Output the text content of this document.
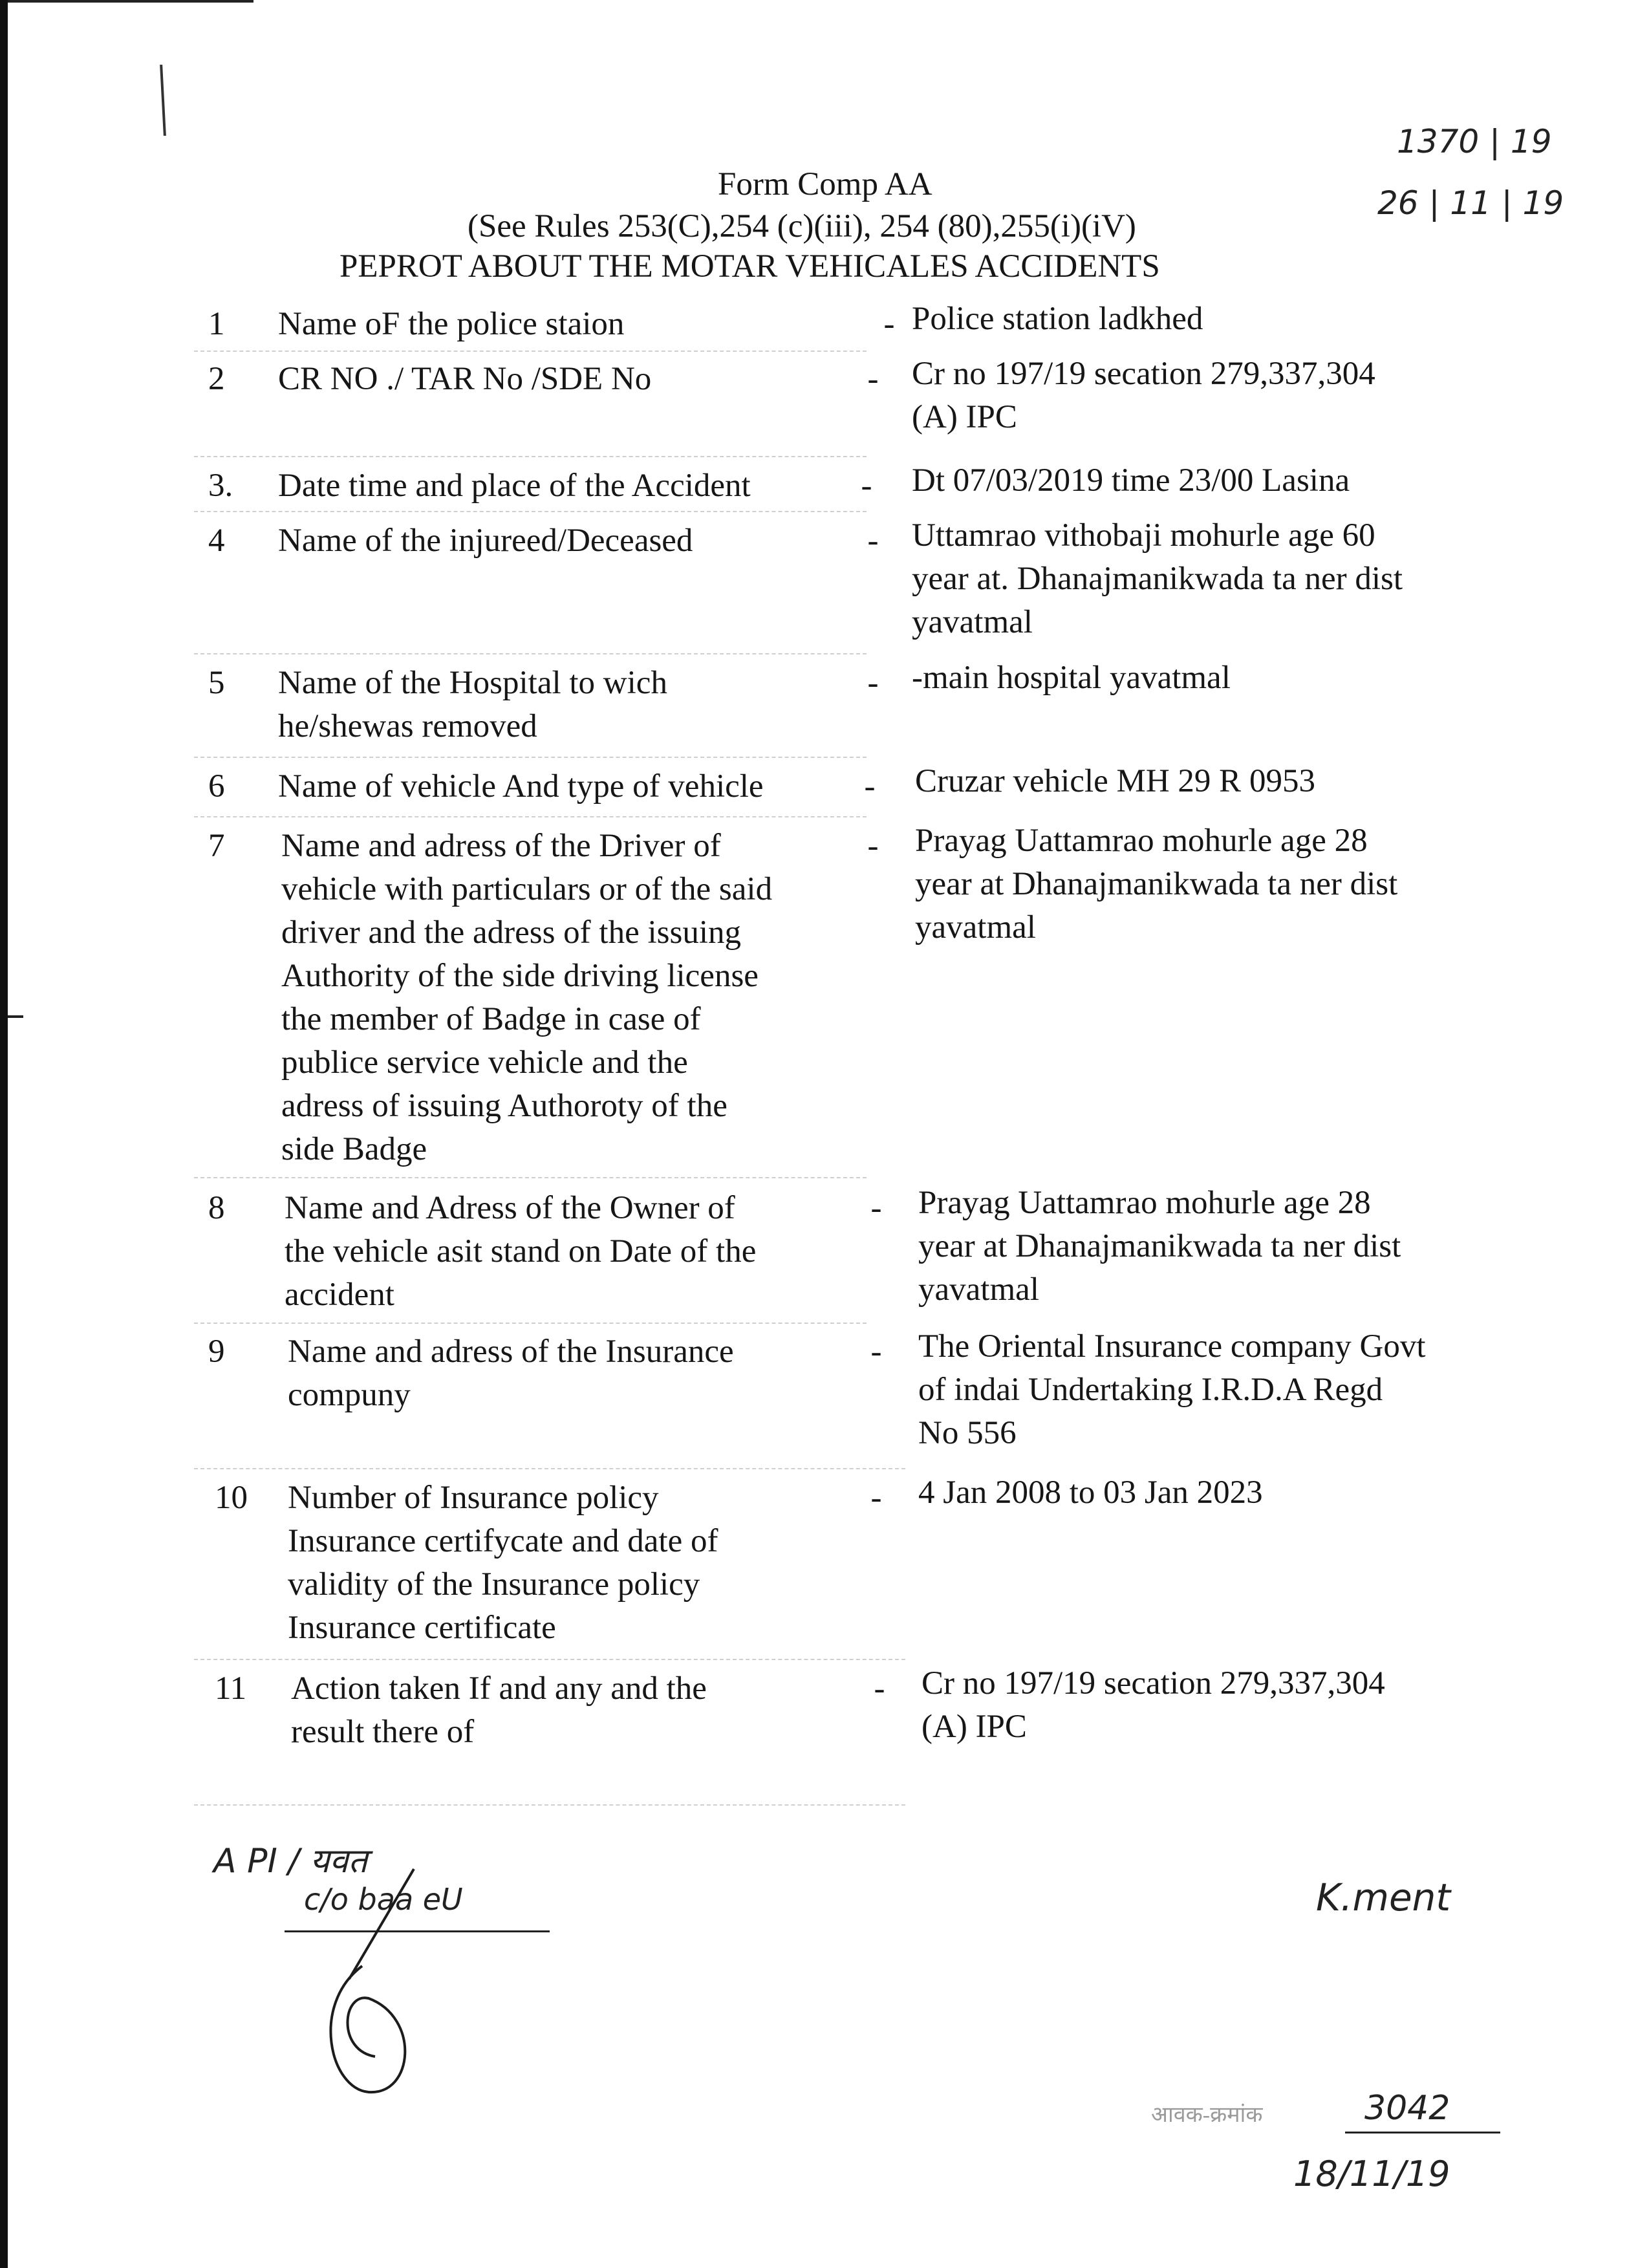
1370 | 19
26 | 11 | 19
Form Comp AA
(See Rules 253(C),254 (c)(iii), 254 (80),255(i)(iV)
PEPROT ABOUT THE MOTAR VEHICALES ACCIDENTS
1 Name oF the police staion	- Police station ladkhed
2 CR NO ./ TAR No /SDE No	- Cr no 197/19 secation 279,337,304
(A) IPC
3. Date time and place of the Accident	- Dt 07/03/2019 time 23/00 Lasina
4 Name of the injureed/Deceased	- Uttamrao vithobaji mohurle age 60
year at. Dhanajmanikwada ta ner dist
yavatmal
5 Name of the Hospital to wich
he/shewas removed
- -main hospital yavatmal
6 Name of vehicle And type of vehicle	- Cruzar vehicle MH 29 R 0953
7 Name and adress of the Driver of
vehicle with particulars or of the said
driver and the adress of the issuing
Authority of the side driving license
the member of Badge in case of
publice service vehicle and the
adress of issuing Authoroty of the
side Badge
- Prayag Uattamrao mohurle age 28
year at Dhanajmanikwada ta ner dist
yavatmal
8 Name and Adress of the Owner of
the vehicle asit stand on Date of the
accident
- Prayag Uattamrao mohurle age 28
year at Dhanajmanikwada ta ner dist
yavatmal
9 Name and adress of the Insurance
compuny
- The Oriental Insurance company Govt
of indai Undertaking I.R.D.A Regd
No 556
10 Number of Insurance policy
Insurance certifycate and date of
validity of the Insurance policy
Insurance certificate
- 4 Jan 2008 to 03 Jan 2023
11 Action taken If and any and the
result there of
- Cr no 197/19 secation 279,337,304
(A) IPC
A PI / यवत
c/o baa eU	K.ment
आवक-क्रमांक	3042
18/11/19
